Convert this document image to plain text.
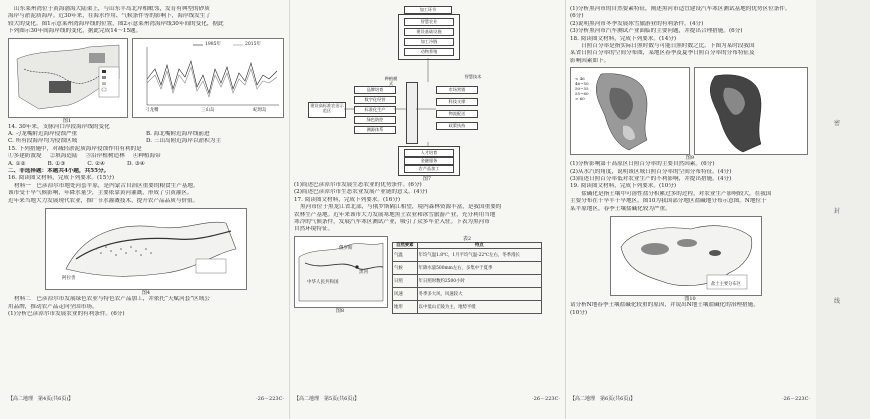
山东莱州湾位于黄海渤海大陆架上，与山东半岛北岸相毗邻，发育有典型的砂质
海岸与淤泥质海岸。近30年来，在海水作用、气候条件等的影响下，海岸线发生了
较大的变化。图1示意莱州湾海岸线的位置，图2示意莱州湾海岸线30年间的变化，据此
下列图示30年间海岸线的变化，据此完成14～15题。
1985年	2015年
刁龙嘴	三山岛	屺坶岛
图1
14. 30年来，支脉河口岸段海岸线的变化
A. 刁龙嘴附近海岸侵蚀严重	B. 海北嘴附近海岸线前进
C. 所有段海岸均为侵蚀区域	D. 三山岛附近海岸以淤积为主
15. 下列措施中，对减轻淤泥质海岸侵蚀作用有利的是
①多建防波堤 ②填海造陆 ③沿岸植树造林 ④种植海带
A. ①②	B. ①③	C. ②④	D. ③④
二、非选择题：本题共4小题，共55分。
16. 阅读图文材料，完成下列要求。(15分)
材料一　巴彦淖尔市地处河套平原，是内蒙古自治区重要的粮食生产基地。
该市受干旱气候影响，年降水量少，主要依靠黄河灌溉，形成了引黄灌区。
近年来当地大力发展现代农业，推广节水灌溉技术，提升农产品品质与价值。
阿拉善
图4
材料二　巴彦淖尔市发展绿色农业与特色农产品加工，并依托“天赋河套”区域公
用品牌，推动农产品走向全国市场。
(1)分析巴彦淖尔市发展农业的有利条件。(6分)
【高二地理　第4页(共6页)】	·26－223C·
加工环节
智慧农业
建设基础设施
加工冷链
动物养殖
建设高标准农田示范区
种植模式
智慧技术
品牌培育
数字化经营
标准化生产
绿色防控
溯源体系
市场营销
科技支撑
物流配送
政策扶持
人才培育
金融服务
农产品加工
图7
(1)简述巴彦淖尔市发展生态农业的优势条件。(6分)
(2)简述巴彦淖尔市生态农业发展产业链的意义。(4分)
17. 阅读图文材料，完成下列要求。(16分)
黑河市位于黑龙江省北部，与俄罗斯隔江相望，境内森林资源丰富，是我国重要的
农林生产基地。近年来该市大力发展寒地黑土农业和冰雪旅游产业，充分利用当地
寒冷的气候条件，发展汽车寒区测试产业，吸引了众多车企入驻。下表为黑河市
自然环境特征。
俄罗斯
中华人民共和国
黑河
图8
表2
自然要素	特点
气温	年均气温1.8℃，1月平均气温-22℃左右，冬季漫长
气候	年降水量500mm左右，多集中于夏季
日照	年日照时数约2500小时
风速	冬季多大风，风速较大
地形	以中低山丘陵为主，地势平缓
【高二地理　第5页(共6页)】	·26－223C·
(1)分析黑河市的自然要素特征，阐述黑河市适宜建设汽车寒区测试基地的优势区位条件。
(6分)
(2)说明黑河市冬季发展冰雪旅游业的有利条件。(4分)
(3)分析黑河市汽车测试产业面临的主要问题，并提出合理措施。(6分)
18. 阅读图文材料，完成下列要求。(14分)
　　日照百分率是指实际日照时数与可能日照时数之比。下图为某时段我国
某省日照百分率的空间分布图，某地区春季及夏季日照百分率的分布特征及
影响因素如下。
< 46
46~50
50~55
55~60
> 60
图9
(1)分析影响第十高原区日照百分率的主要自然因素。(6分)
(2)从水汽的角度，说明该区域日照百分率的空间分布特征。(4分)
(3)简述日照百分率低对农业生产的不利影响，并提出措施。(4分)
19. 阅读图文材料，完成下列要求。(10分)
　　盐碱化是指土壤中可溶性盐分积累过多的过程，对农业生产影响较大，在我国
主要分布在干旱半干旱地区。图10为我国部分地区盐碱地分布示意图。N地位于
某平原地区，春季土壤盐碱化较为严重。
盐土主要分布区
图10
请分析N地春季土壤盐碱化较重的原因，并说出N地土壤盐碱化的治理措施。
(10分)
【高二地理　第6页(共6页)】	·26－223C·
密
封
线
